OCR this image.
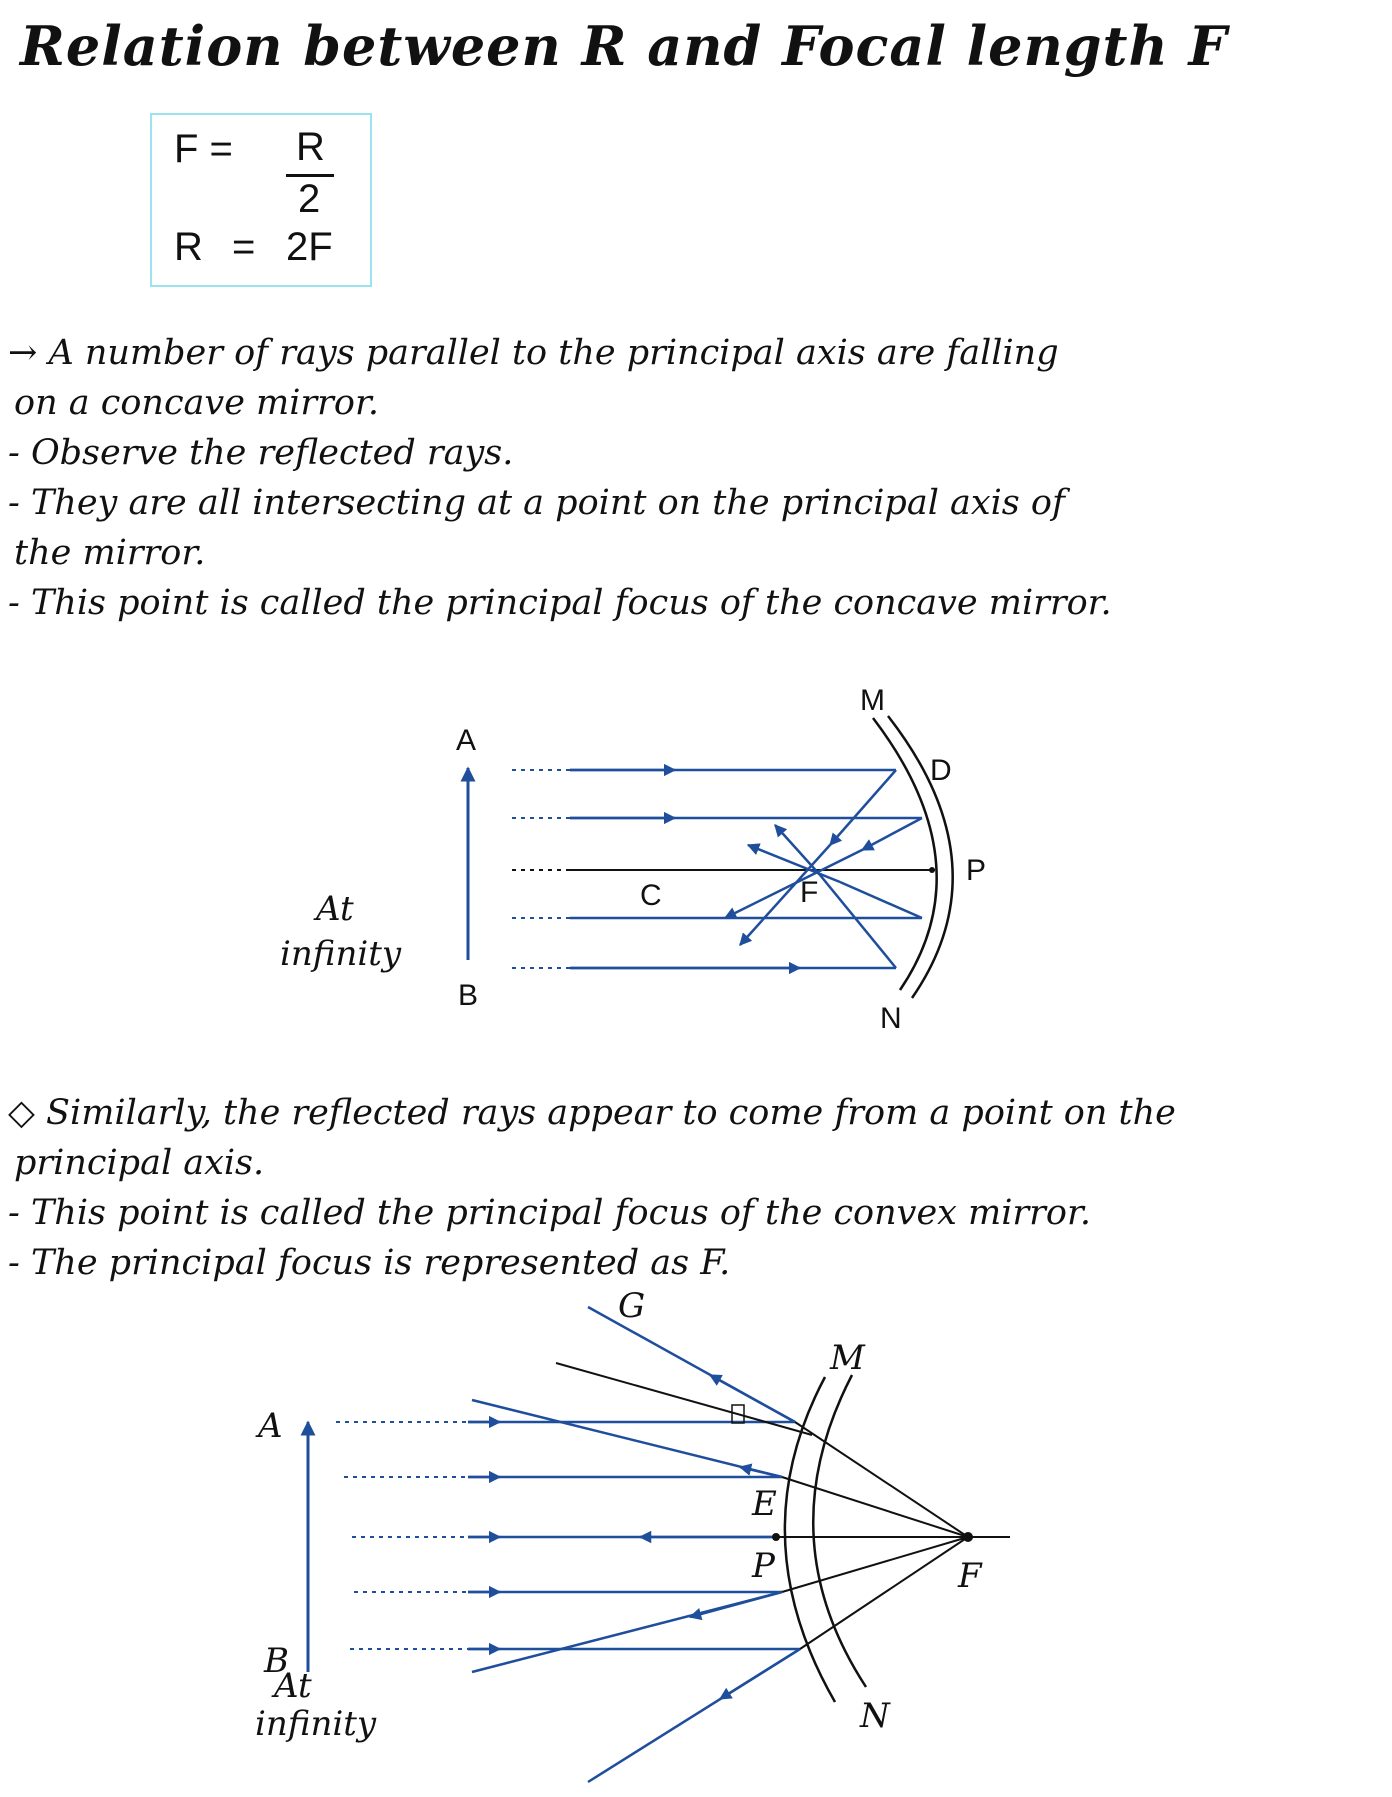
Relation between R and Focal length F
F = R
2
R = 2F
→ A number of rays parallel to the principal axis are falling
on a concave mirror.
- Observe the reflected rays.
- They are all intersecting at a point on the principal axis of
the mirror.
- This point is called the principal focus of the concave mirror.
A
B
At
infinity
C	F
M
D
P
N
◇ Similarly, the reflected rays appear to come from a point on the
principal axis.
- This point is called the principal focus of the convex mirror.
- The principal focus is represented as F.
A
B
At
infinity
G
M
E
P	F
N
